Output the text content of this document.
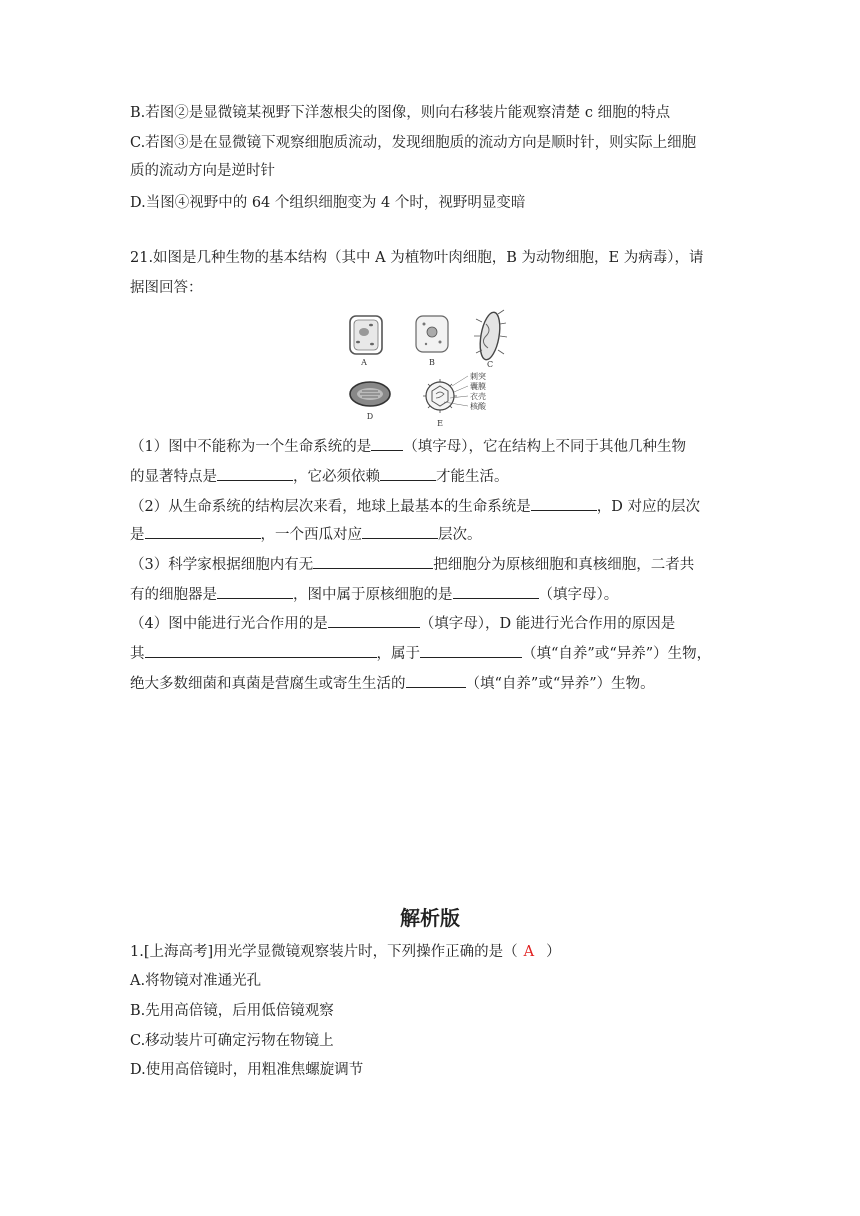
B.若图②是显微镜某视野下洋葱根尖的图像，则向右移装片能观察清楚 c 细胞的特点
C.若图③是在显微镜下观察细胞质流动，发现细胞质的流动方向是顺时针，则实际上细胞
质的流动方向是逆时针
D.当图④视野中的 64 个组织细胞变为 4 个时，视野明显变暗
21.如图是几种生物的基本结构（其中 A 为植物叶肉细胞，B 为动物细胞，E 为病毒），请
据图回答：
A	B	C
D
刺突
囊膜
衣壳
核酸
E
（1）图中不能称为一个生命系统的是 （填字母），它在结构上不同于其他几种生物
的显著特点是	，它必须依赖	才能生活。
（2）从生命系统的结构层次来看，地球上最基本的生命系统是	，D 对应的层次
是	，一个西瓜对应	层次。
（3）科学家根据细胞内有无	把细胞分为原核细胞和真核细胞，二者共
有的细胞器是	，图中属于原核细胞的是	（填字母）。
（4）图中能进行光合作用的是	（填字母），D 能进行光合作用的原因是
其	，属于	（填“自养”或“异养”）生物，
绝大多数细菌和真菌是营腐生或寄生生活的	（填“自养”或“异养”）生物。
解析版
1.[上海高考]用光学显微镜观察装片时，下列操作正确的是（ A ）
A.将物镜对准通光孔
B.先用高倍镜，后用低倍镜观察
C.移动装片可确定污物在物镜上
D.使用高倍镜时，用粗准焦螺旋调节
